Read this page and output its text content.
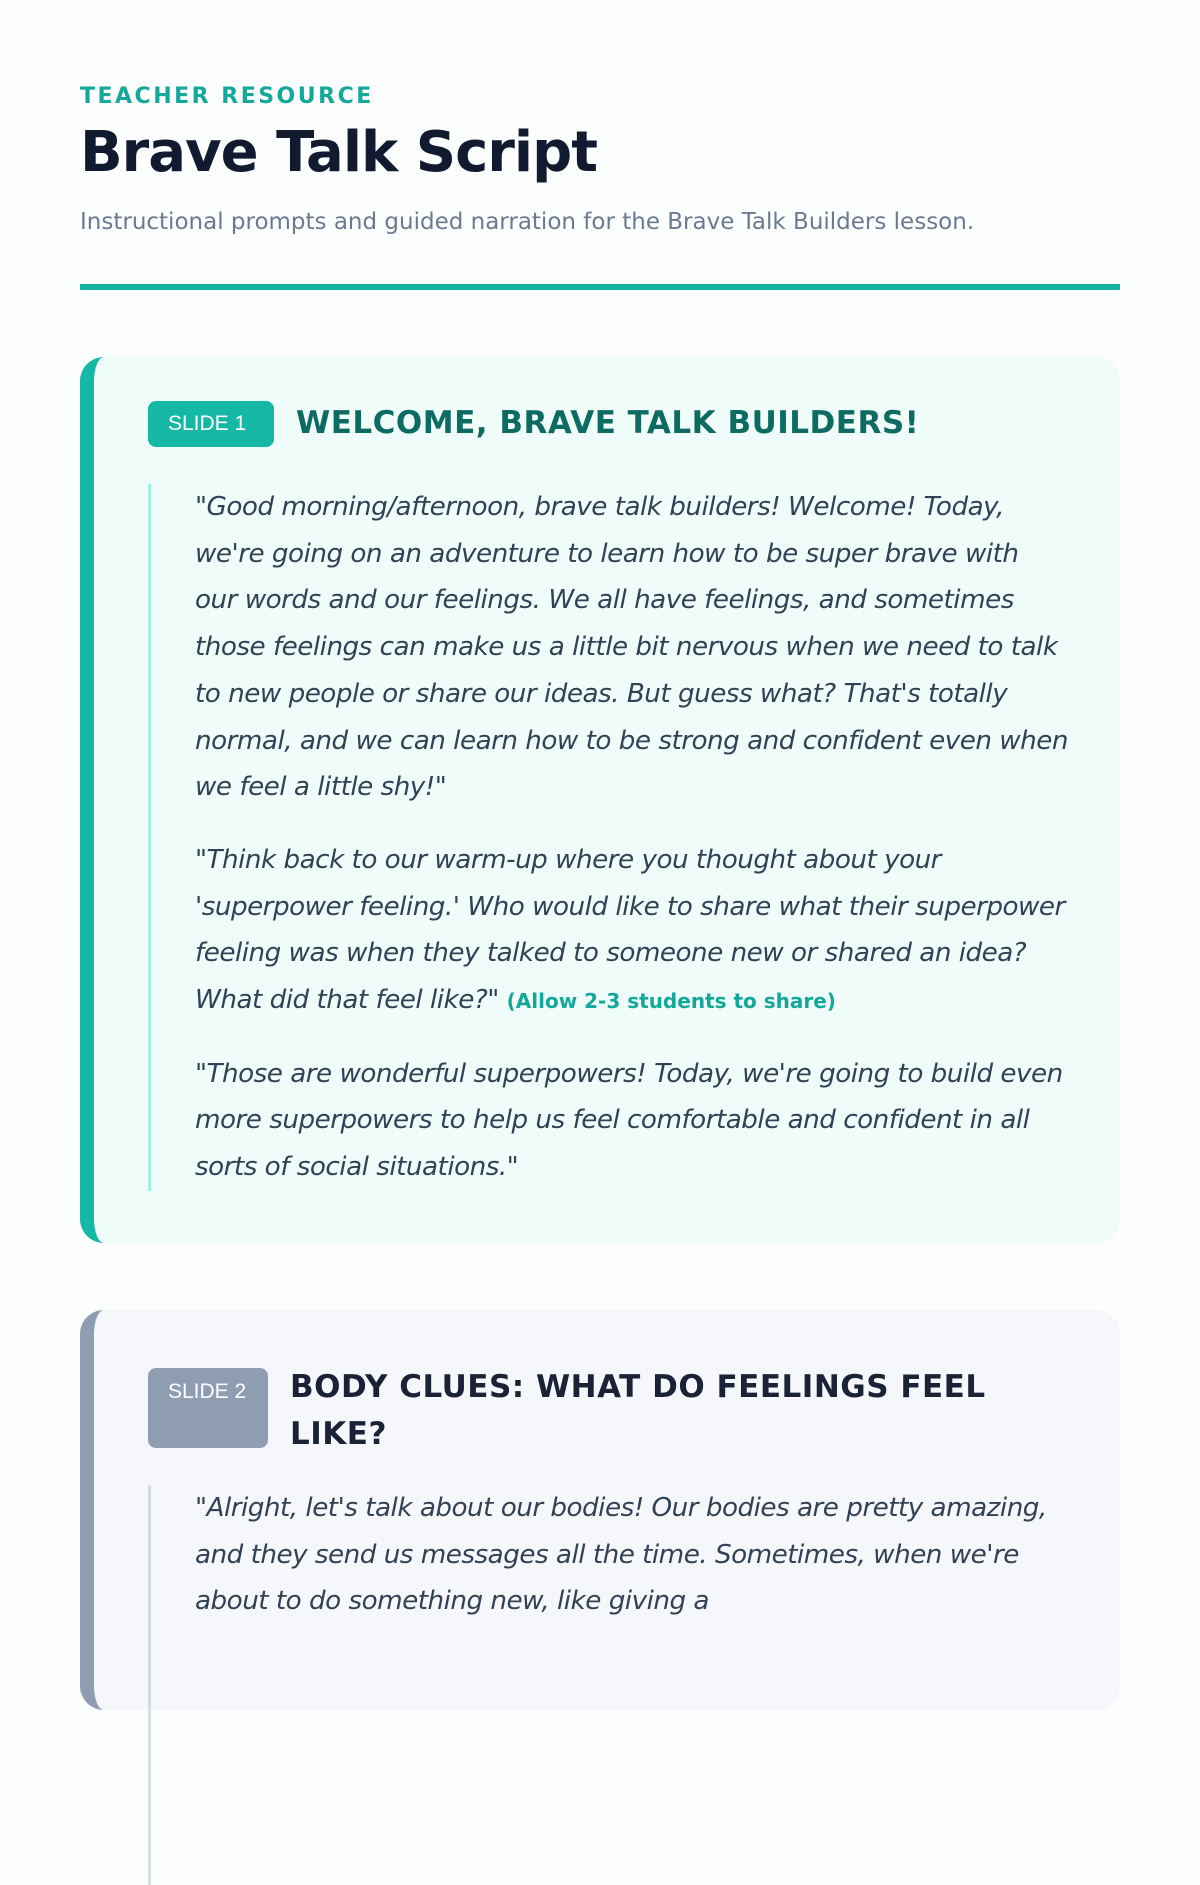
TEACHER RESOURCE
Brave Talk Script
Instructional prompts and guided narration for the Brave Talk Builders lesson.
SLIDE 1	WELCOME, BRAVE TALK BUILDERS!

"Good morning/afternoon, brave talk builders! Welcome! Today, we're going on an adventure to learn how to be super brave with our words and our feelings. We all have feelings, and sometimes those feelings can make us a little bit nervous when we need to talk to new people or share our ideas. But guess what? That's totally normal, and we can learn how to be strong and confident even when we feel a little shy!"

"Think back to our warm-up where you thought about your 'superpower feeling.' Who would like to share what their superpower feeling was when they talked to someone new or shared an idea? What did that feel like?" (Allow 2-3 students to share)

"Those are wonderful superpowers! Today, we're going to build even more superpowers to help us feel comfortable and confident in all sorts of social situations."

SLIDE 2	BODY CLUES: WHAT DO FEELINGS FEEL LIKE?

"Alright, let's talk about our bodies! Our bodies are pretty amazing, and they send us messages all the time. Sometimes, when we're about to do something new, like giving a
